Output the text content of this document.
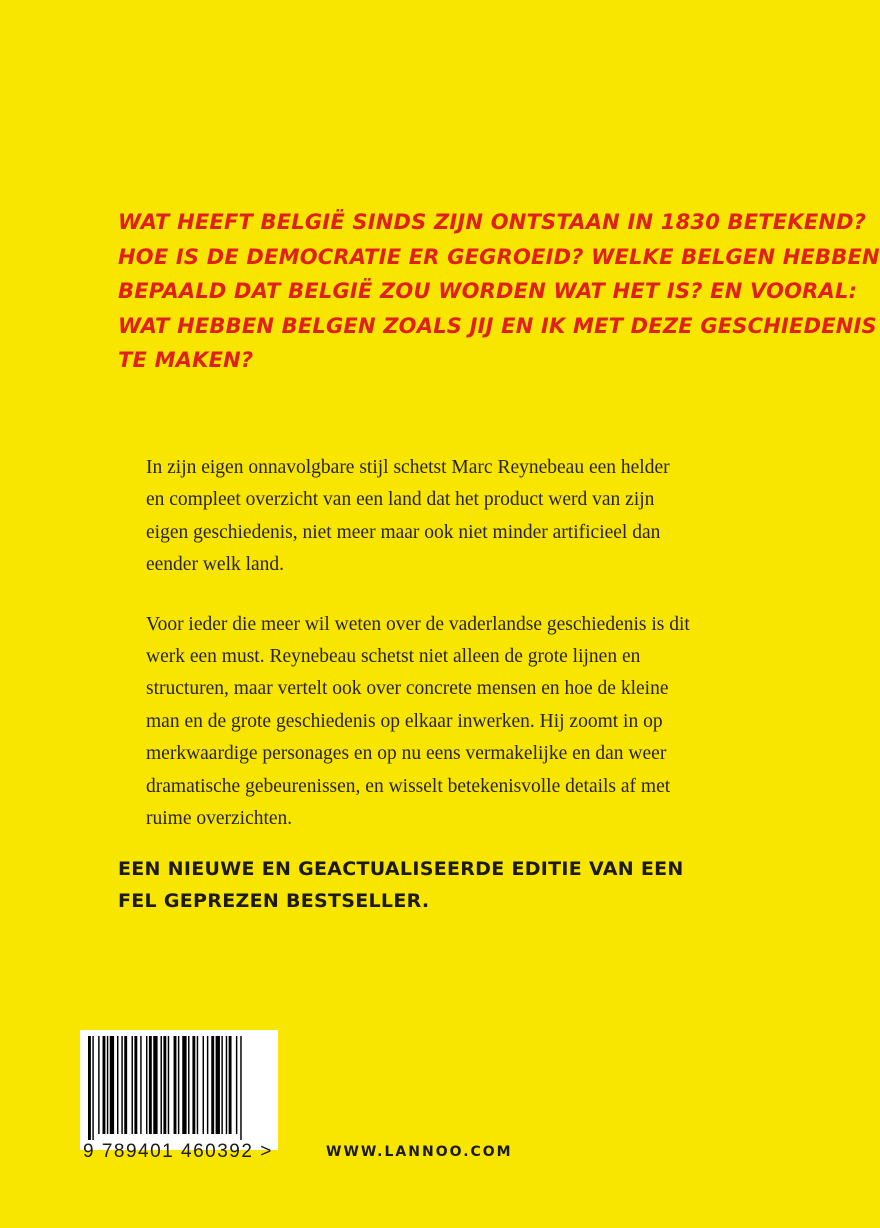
WAT HEEFT BELGIË SINDS ZIJN ONTSTAAN IN 1830 BETEKEND?
HOE IS DE DEMOCRATIE ER GEGROEID? WELKE BELGEN HEBBEN
BEPAALD DAT BELGIË ZOU WORDEN WAT HET IS? EN VOORAL:
WAT HEBBEN BELGEN ZOALS JIJ EN IK MET DEZE GESCHIEDENIS
TE MAKEN?

In zijn eigen onnavolgbare stijl schetst Marc Reynebeau een helder
en compleet overzicht van een land dat het product werd van zijn
eigen geschiedenis, niet meer maar ook niet minder artificieel dan
eender welk land.

Voor ieder die meer wil weten over de vaderlandse geschiedenis is dit
werk een must. Reynebeau schetst niet alleen de grote lijnen en
structuren, maar vertelt ook over concrete mensen en hoe de kleine
man en de grote geschiedenis op elkaar inwerken. Hij zoomt in op
merkwaardige personages en op nu eens vermakelijke en dan weer
dramatische gebeurenissen, en wisselt betekenisvolle details af met
ruime overzichten.

EEN NIEUWE EN GEACTUALISEERDE EDITIE VAN EEN
FEL GEPREZEN BESTSELLER.
9 789401 460392 >	WWW.LANNOO.COM
